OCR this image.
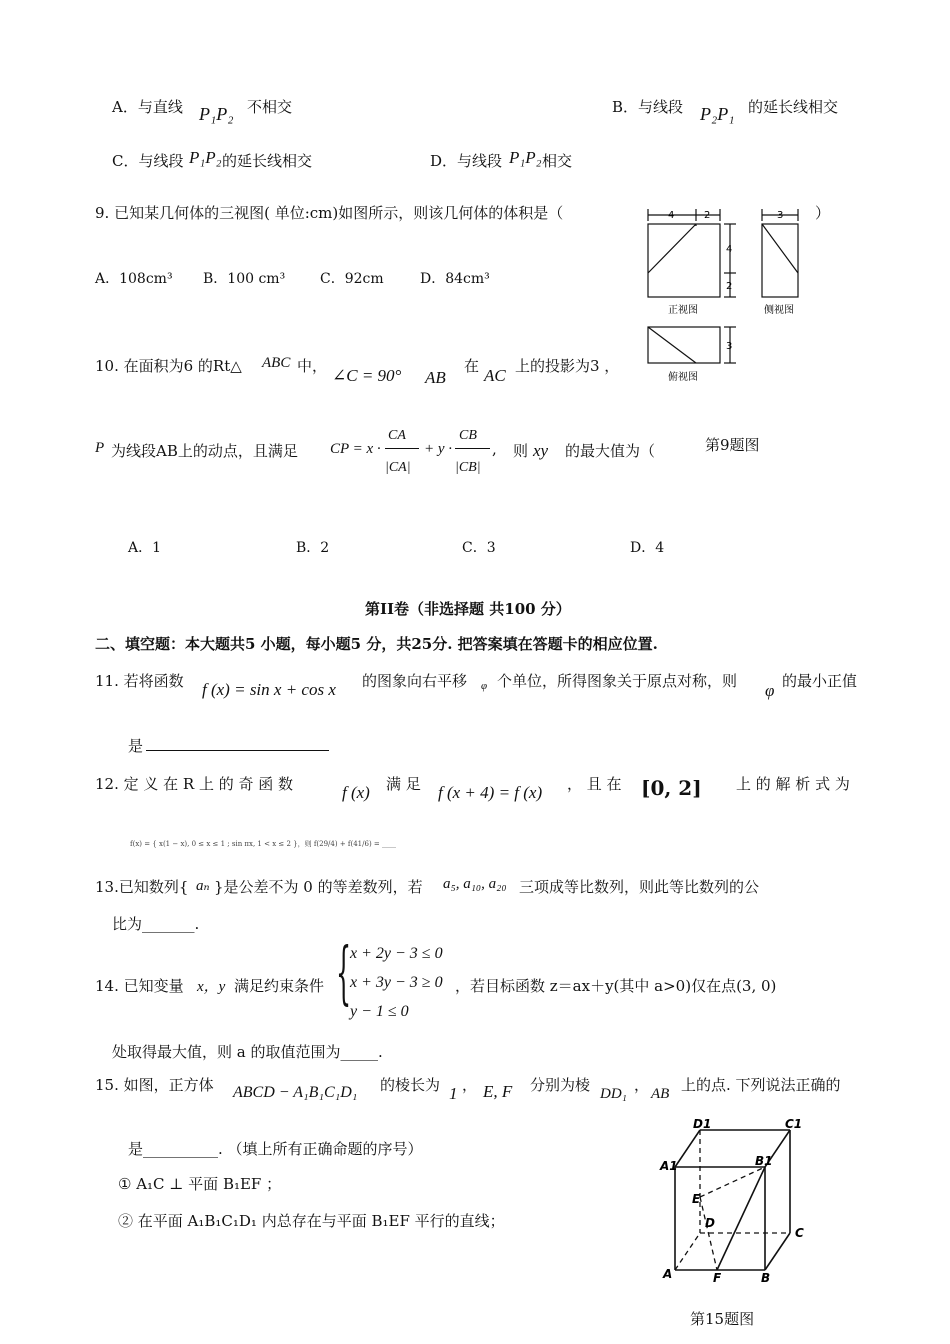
A．与直线 P₁P₂ 不相交	B．与线段 P₂P₁ 的延长线相交
C．与线段 P₁P₂ 的延长线相交	D．与线段 P₁P₂ 相交
9. 已知某几何体的三视图( 单位:cm)如图所示，则该几何体的体积是（	）
A．108cm³ B．100 cm³ C．92cm	D．84cm³
4	2
4
2
3
3
正视图	侧视图
俯视图
10. 在面积为6 的Rt△ ABC 中， ∠C = 90° AB
在 AC 上的投影为3 ，
P 为线段AB上的动点，且满足 CP = x ·
CA
|CA|
+ y ·
CB
|CB|
, 则 xy 的最大值为（	第9题图
A．1	B．2	C．3	D．4
第II卷（非选择题 共100 分）
二、填空题：本大题共5 小题，每小题5 分，共25分. 把答案填在答题卡的相应位置.
11. 若将函数 f (x) = sin x + cos x 的图象向右平移 φ 个单位，所得图象关于原点对称，则 φ 的最小正值
是
12. 定 义 在 R 上 的 奇 函 数	f (x) 满 足 f (x + 4) = f (x) ， 且 在 [0, 2] 上 的 解 析 式 为
f(x) = { x(1 − x), 0 ≤ x ≤ 1 ; sin πx, 1 < x ≤ 2 }，则 f(29/4) + f(41/6) = ____
13.已知数列{ aₙ }是公差不为 0 的等差数列，若 a₅, a₁₀, a₂₀ 三项成等比数列，则此等比数列的公
比为_______.
14. 已知变量 x，y 满足约束条件 {
x + 2y − 3 ≤ 0
x + 3y − 3 ≥ 0
y − 1 ≤ 0
，若目标函数 z＝ax＋y(其中 a>0)仅在点(3, 0)
处取得最大值，则 a 的取值范围为_____.
15. 如图，正方体 ABCD − A₁B₁C₁D₁ 的棱长为 1 ， E, F 分别为棱 DD₁ ， AB 上的点. 下列说法正确的
是__________. （填上所有正确命题的序号）
① A₁C ⊥ 平面 B₁EF ；
② 在平面 A₁B₁C₁D₁ 内总存在与平面 B₁EF 平行的直线；
D1	C1
A1	B1
E
D
C
A	F	B
第15题图
